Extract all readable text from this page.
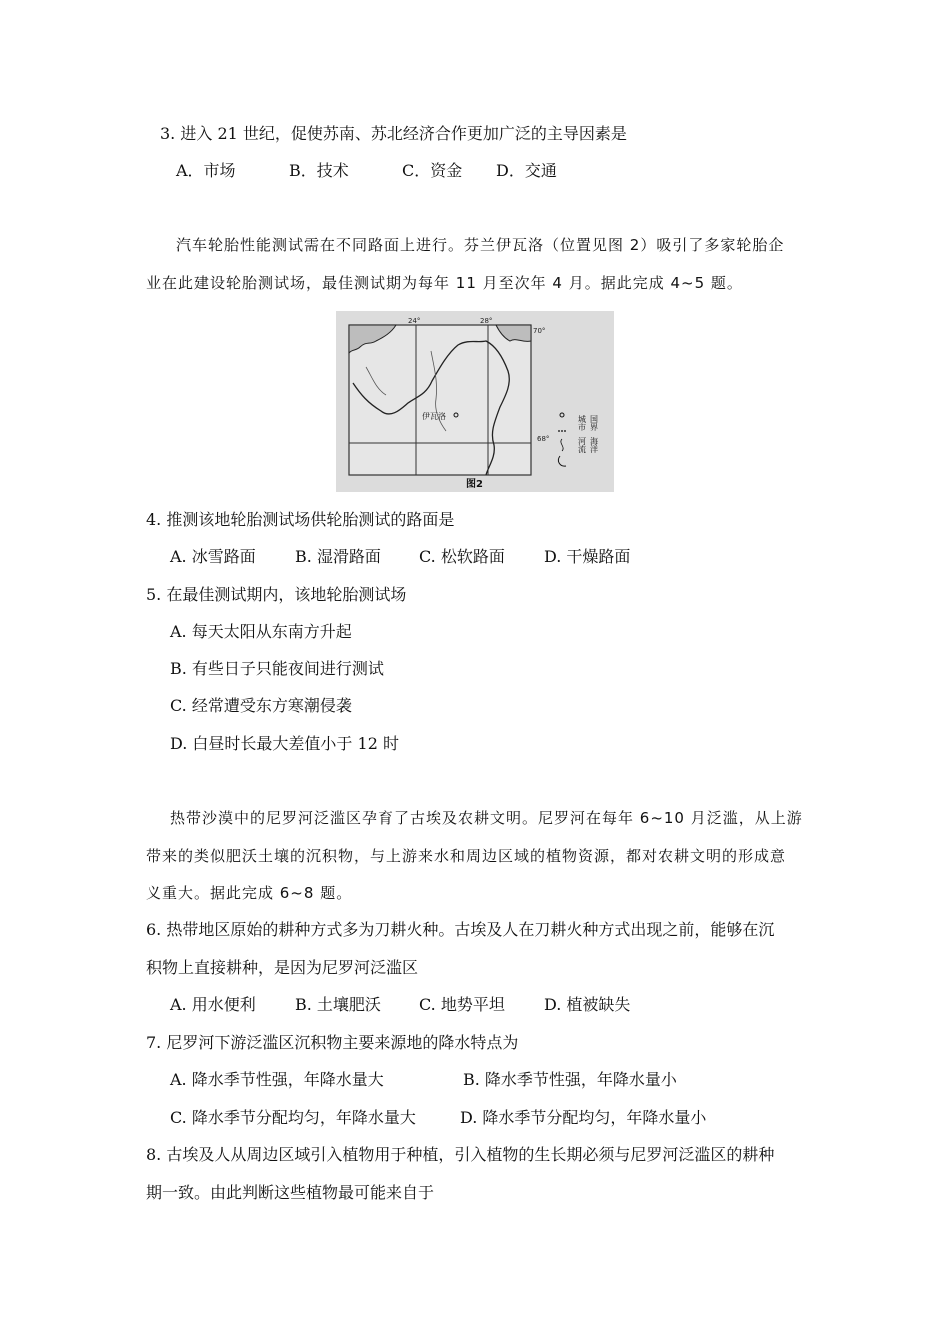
3. 进入 21 世纪，促使苏南、苏北经济合作更加广泛的主导因素是
A．市场	B．技术	C．资金 D．交通
汽车轮胎性能测试需在不同路面上进行。芬兰伊瓦洛（位置见图 2）吸引了多家轮胎企
业在此建设轮胎测试场，最佳测试期为每年 11 月至次年 4 月。据此完成 4~5 题。
伊瓦洛
24°	28°
70°
68°
城市 国界
河流 海洋
图2
4. 推测该地轮胎测试场供轮胎测试的路面是
A. 冰雪路面 B. 湿滑路面 C. 松软路面 D. 干燥路面
5. 在最佳测试期内，该地轮胎测试场
A. 每天太阳从东南方升起
B. 有些日子只能夜间进行测试
C. 经常遭受东方寒潮侵袭
D. 白昼时长最大差值小于 12 时
热带沙漠中的尼罗河泛滥区孕育了古埃及农耕文明。尼罗河在每年 6~10 月泛滥，从上游
带来的类似肥沃土壤的沉积物，与上游来水和周边区域的植物资源，都对农耕文明的形成意
义重大。据此完成 6~8 题。
6. 热带地区原始的耕种方式多为刀耕火种。古埃及人在刀耕火种方式出现之前，能够在沉
积物上直接耕种，是因为尼罗河泛滥区
A. 用水便利 B. 土壤肥沃 C. 地势平坦 D. 植被缺失
7. 尼罗河下游泛滥区沉积物主要来源地的降水特点为
A. 降水季节性强，年降水量大	B. 降水季节性强，年降水量小
C. 降水季节分配均匀，年降水量大	D. 降水季节分配均匀，年降水量小
8. 古埃及人从周边区域引入植物用于种植，引入植物的生长期必须与尼罗河泛滥区的耕种
期一致。由此判断这些植物最可能来自于
